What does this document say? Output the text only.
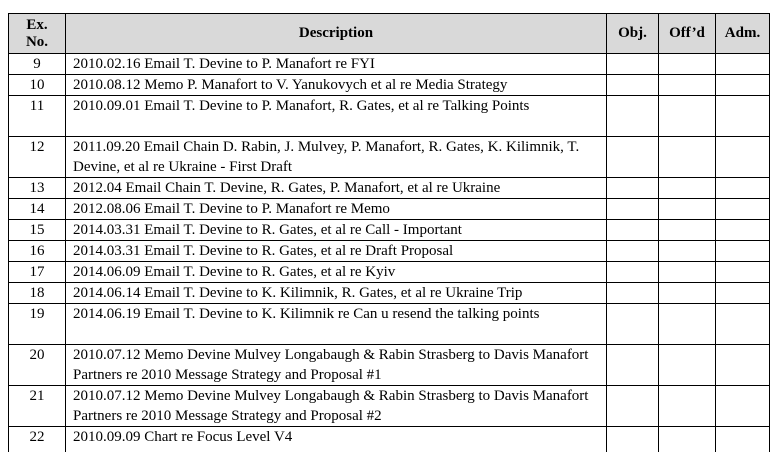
Ex.
No.	Description	Obj.	Off’d	Adm.
9	2010.02.16 Email T. Devine to P. Manafort re FYI			
10	2010.08.12 Memo P. Manafort to V. Yanukovych et al re Media Strategy			
11	2010.09.01 Email T. Devine to P. Manafort, R. Gates, et al re Talking Points			
12	2011.09.20 Email Chain D. Rabin, J. Mulvey, P. Manafort, R. Gates, K. Kilimnik, T. Devine, et al re Ukraine - First Draft			
13	2012.04 Email Chain T. Devine, R. Gates, P. Manafort, et al re Ukraine			
14	2012.08.06 Email T. Devine to P. Manafort re Memo			
15	2014.03.31 Email T. Devine to R. Gates, et al re Call - Important			
16	2014.03.31 Email T. Devine to R. Gates, et al re Draft Proposal			
17	2014.06.09 Email T. Devine to R. Gates, et al re Kyiv			
18	2014.06.14 Email T. Devine to K. Kilimnik, R. Gates, et al re Ukraine Trip			
19	2014.06.19 Email T. Devine to K. Kilimnik re Can u resend the talking points			
20	2010.07.12 Memo Devine Mulvey Longabaugh & Rabin Strasberg to Davis Manafort Partners re 2010 Message Strategy and Proposal #1			
21	2010.07.12 Memo Devine Mulvey Longabaugh & Rabin Strasberg to Davis Manafort Partners re 2010 Message Strategy and Proposal #2			
22	2010.09.09 Chart re Focus Level V4			
